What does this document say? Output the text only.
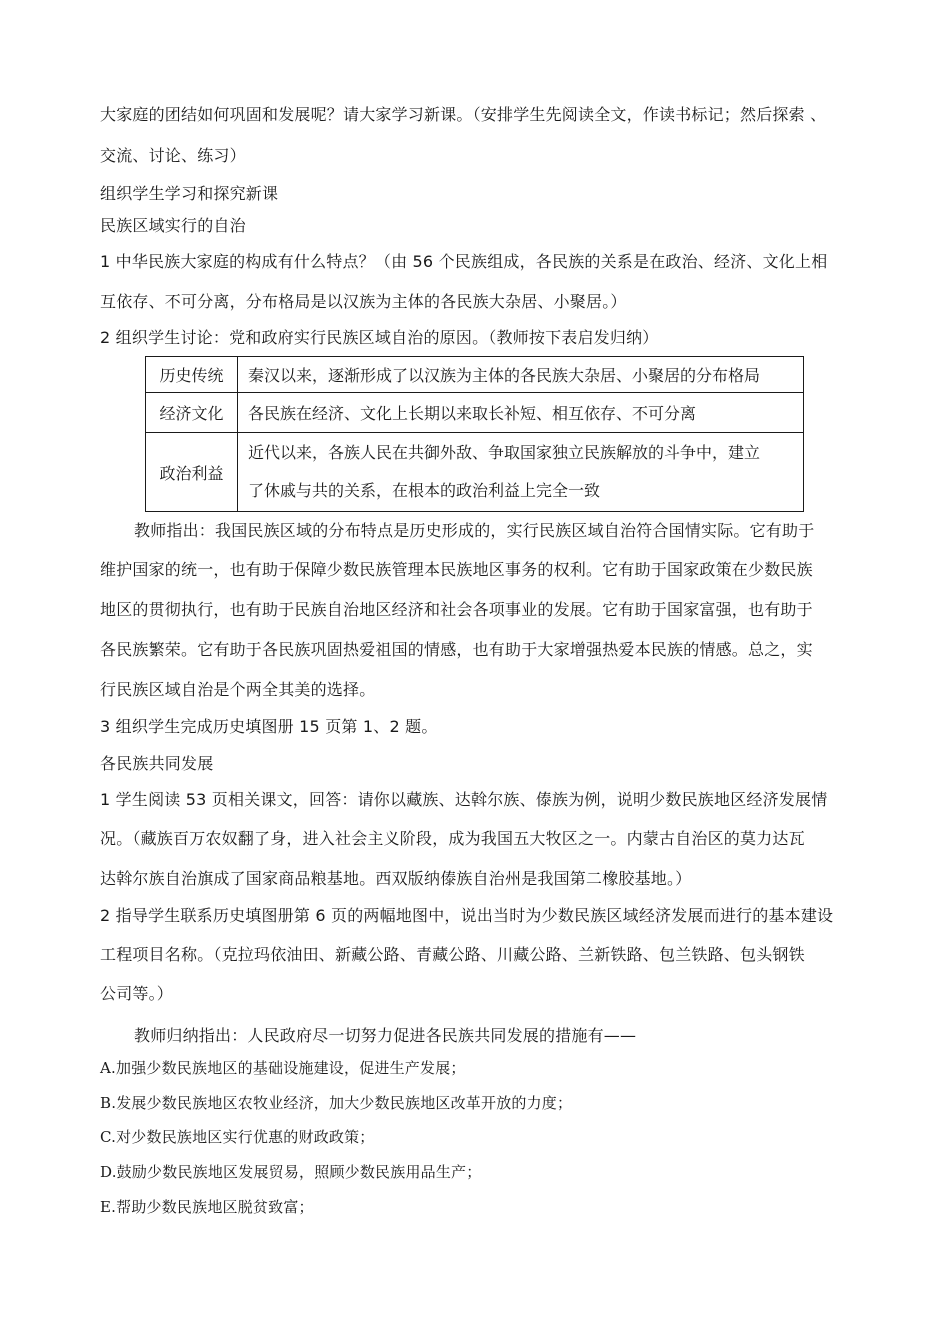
大家庭的团结如何巩固和发展呢？请大家学习新课。（安排学生先阅读全文，作读书标记；然后探索 、
交流、讨论、练习）
组织学生学习和探究新课
民族区域实行的自治
1 中华民族大家庭的构成有什么特点？（由 56 个民族组成，各民族的关系是在政治、经济、文化上相
互依存、不可分离，分布格局是以汉族为主体的各民族大杂居、小聚居。）
2 组织学生讨论：党和政府实行民族区域自治的原因。（教师按下表启发归纳）
历史传统	秦汉以来，逐渐形成了以汉族为主体的各民族大杂居、小聚居的分布格局
经济文化	各民族在经济、文化上长期以来取长补短、相互依存、不可分离
政治利益	近代以来，各族人民在共御外敌、争取国家独立民族解放的斗争中，建立
了休戚与共的关系，在根本的政治利益上完全一致
教师指出：我国民族区域的分布特点是历史形成的，实行民族区域自治符合国情实际。它有助于
维护国家的统一，也有助于保障少数民族管理本民族地区事务的权利。它有助于国家政策在少数民族
地区的贯彻执行，也有助于民族自治地区经济和社会各项事业的发展。它有助于国家富强，也有助于
各民族繁荣。它有助于各民族巩固热爱祖国的情感，也有助于大家增强热爱本民族的情感。总之，实
行民族区域自治是个两全其美的选择。
3 组织学生完成历史填图册 15 页第 1、2 题。
各民族共同发展
1 学生阅读 53 页相关课文，回答：请你以藏族、达斡尔族、傣族为例，说明少数民族地区经济发展情
况。（藏族百万农奴翻了身，进入社会主义阶段，成为我国五大牧区之一。内蒙古自治区的莫力达瓦
达斡尔族自治旗成了国家商品粮基地。西双版纳傣族自治州是我国第二橡胶基地。）
2 指导学生联系历史填图册第 6 页的两幅地图中，说出当时为少数民族区域经济发展而进行的基本建设
工程项目名称。（克拉玛依油田、新藏公路、青藏公路、川藏公路、兰新铁路、包兰铁路、包头钢铁
公司等。）
教师归纳指出：人民政府尽一切努力促进各民族共同发展的措施有——
A.加强少数民族地区的基础设施建设，促进生产发展；
B.发展少数民族地区农牧业经济，加大少数民族地区改革开放的力度；
C.对少数民族地区实行优惠的财政政策；
D.鼓励少数民族地区发展贸易，照顾少数民族用品生产；
E.帮助少数民族地区脱贫致富；
